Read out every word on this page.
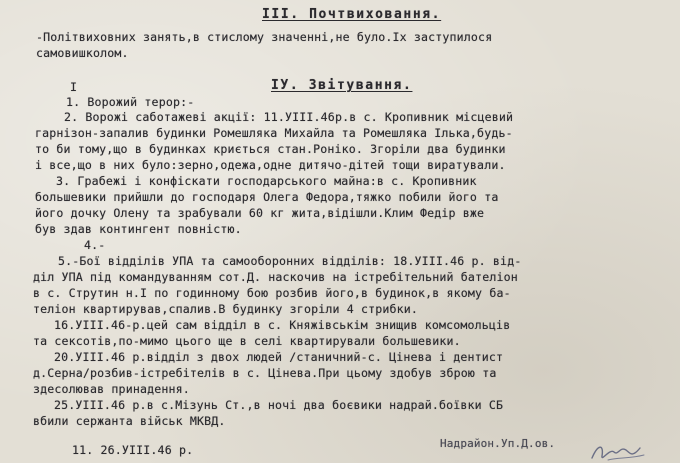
III. Почтвиховання.
-Політвиховних занять,в стислому значенні,не було.Іх заступилося
самовишколом.
I	IУ. Звітування.
1. Ворожий терор:-
2. Ворожі саботажеві акції: 11.УIII.46р.в с. Кропивник місцевий
гарнізон-запалив будинки Ромешляка Михайла та Ромешляка Ількa,будь-
то би тому,що в будинках криється стан.Роніко. Згоріли два будинки
і все,що в них було:зерно,одежа,одне дитячо-дітей тощи виратували.
3. Грабежі і конфіскати господарського майна:в с. Кропивник
большевики прийшли до господаря Олега Федора,тяжко побили його та
його дочку Олену та зрабували 60 кг жита,відішли.Клим Федір вже
був здав контингент повністю.
4.-
5.-Бої відділів УПА та самооборонних відділів: 18.УIII.46 р. від-
діл УПА під командуванням сот.Д. наскочив на істребітельний бателіон
в с. Струтин н.І по годинному бою розбив його,в будинок,в якому ба-
теліон квартирував,спалив.В будинку згоріли 4 стрибки.
16.УIII.46-р.цей сам відділ в с. Княжівськім знищив комсомольців
та сексотів,по-мимо цього ще в селі квартирували большевики.
20.УIII.46 р.відділ з двох людей /станичний-с. Цінева і дентист
д.Серна/розбив-істребітелів в с. Цінева.При цьому здобув зброю та
здесолював принадення.
25.УIII.46 р.в с.Мізунь Ст.,в ночі два боєвики надрай.боївки СБ
вбили сержанта військ МКВД.
11. 26.УIII.46 р.	Надрайон.Уп.Д.ов.
